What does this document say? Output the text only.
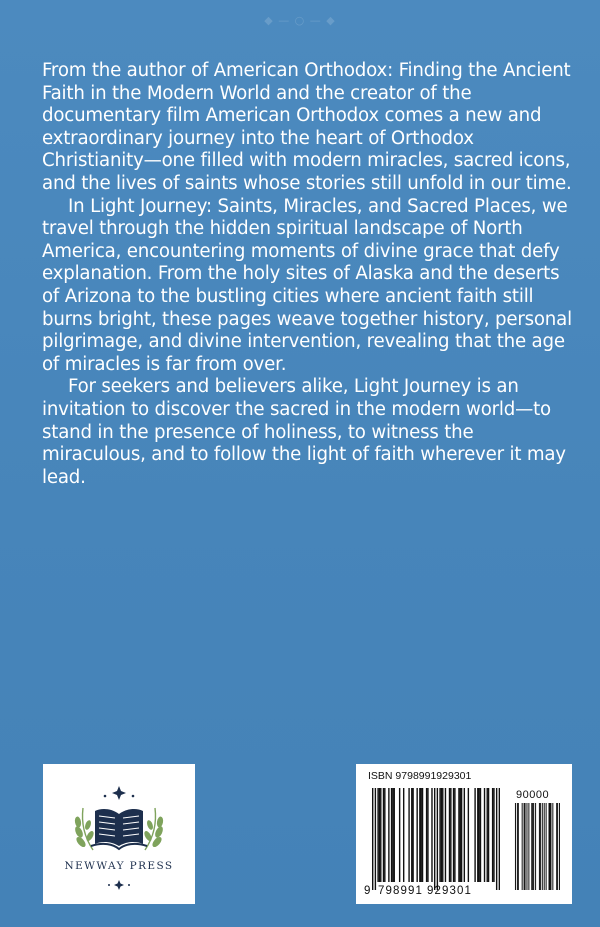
◆ — ○ — ◆

From the author of American Orthodox: Finding the Ancient Faith in the Modern World and the creator of the documentary film American Orthodox comes a new and extraordinary journey into the heart of Orthodox Christianity—one filled with modern miracles, sacred icons, and the lives of saints whose stories still unfold in our time.

In Light Journey: Saints, Miracles, and Sacred Places, we travel through the hidden spiritual landscape of North America, encountering moments of divine grace that defy explanation. From the holy sites of Alaska and the deserts of Arizona to the bustling cities where ancient faith still burns bright, these pages weave together history, personal pilgrimage, and divine intervention, revealing that the age of miracles is far from over.

For seekers and believers alike, Light Journey is an invitation to discover the sacred in the modern world—to stand in the presence of holiness, to witness the miraculous, and to follow the light of faith wherever it may lead.

NEWWAY PRESS
ISBN 9798991929301
90000
9 798991 929301
